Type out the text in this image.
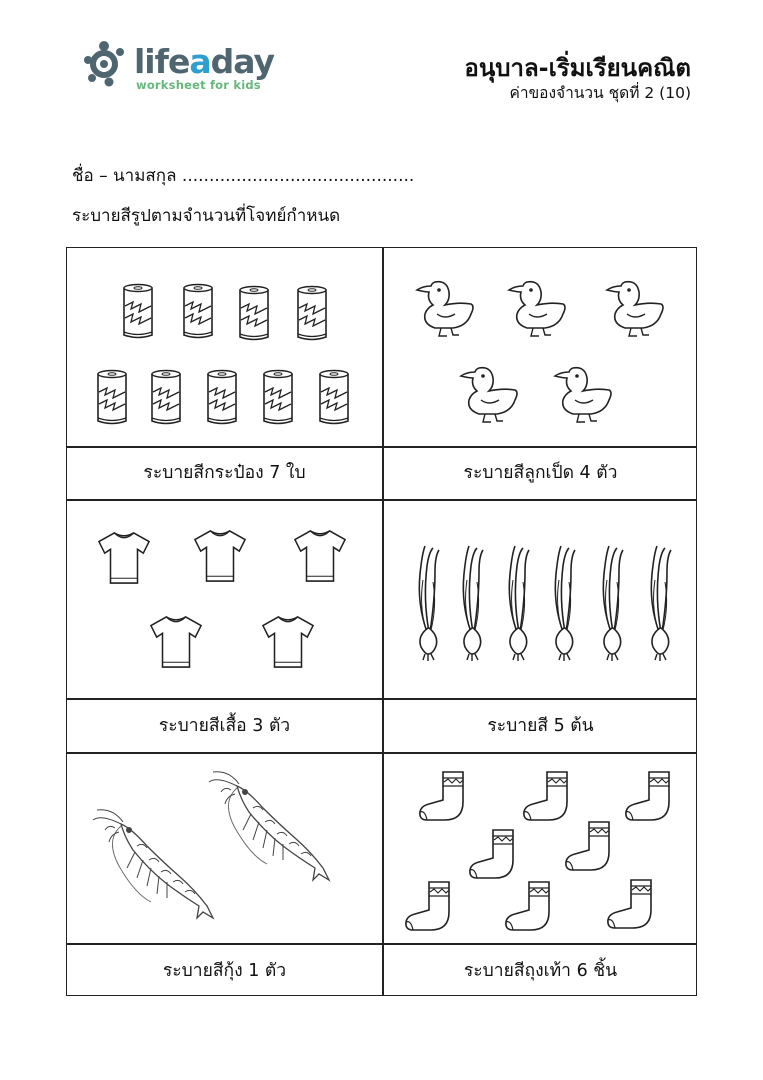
lifeaday
worksheet for kids
อนุบาล-เริ่มเรียนคณิต
ค่าของจำนวน ชุดที่ 2 (10)
ชื่อ – นามสกุล ...........................................
ระบายสีรูปตามจำนวนที่โจทย์กำหนด
ระบายสีกระป๋อง 7 ใบ	ระบายสีลูกเป็ด 4 ตัว
ระบายสีเสื้อ 3 ตัว	ระบายสี 5 ต้น
ระบายสีกุ้ง 1 ตัว	ระบายสีถุงเท้า 6 ชิ้น
